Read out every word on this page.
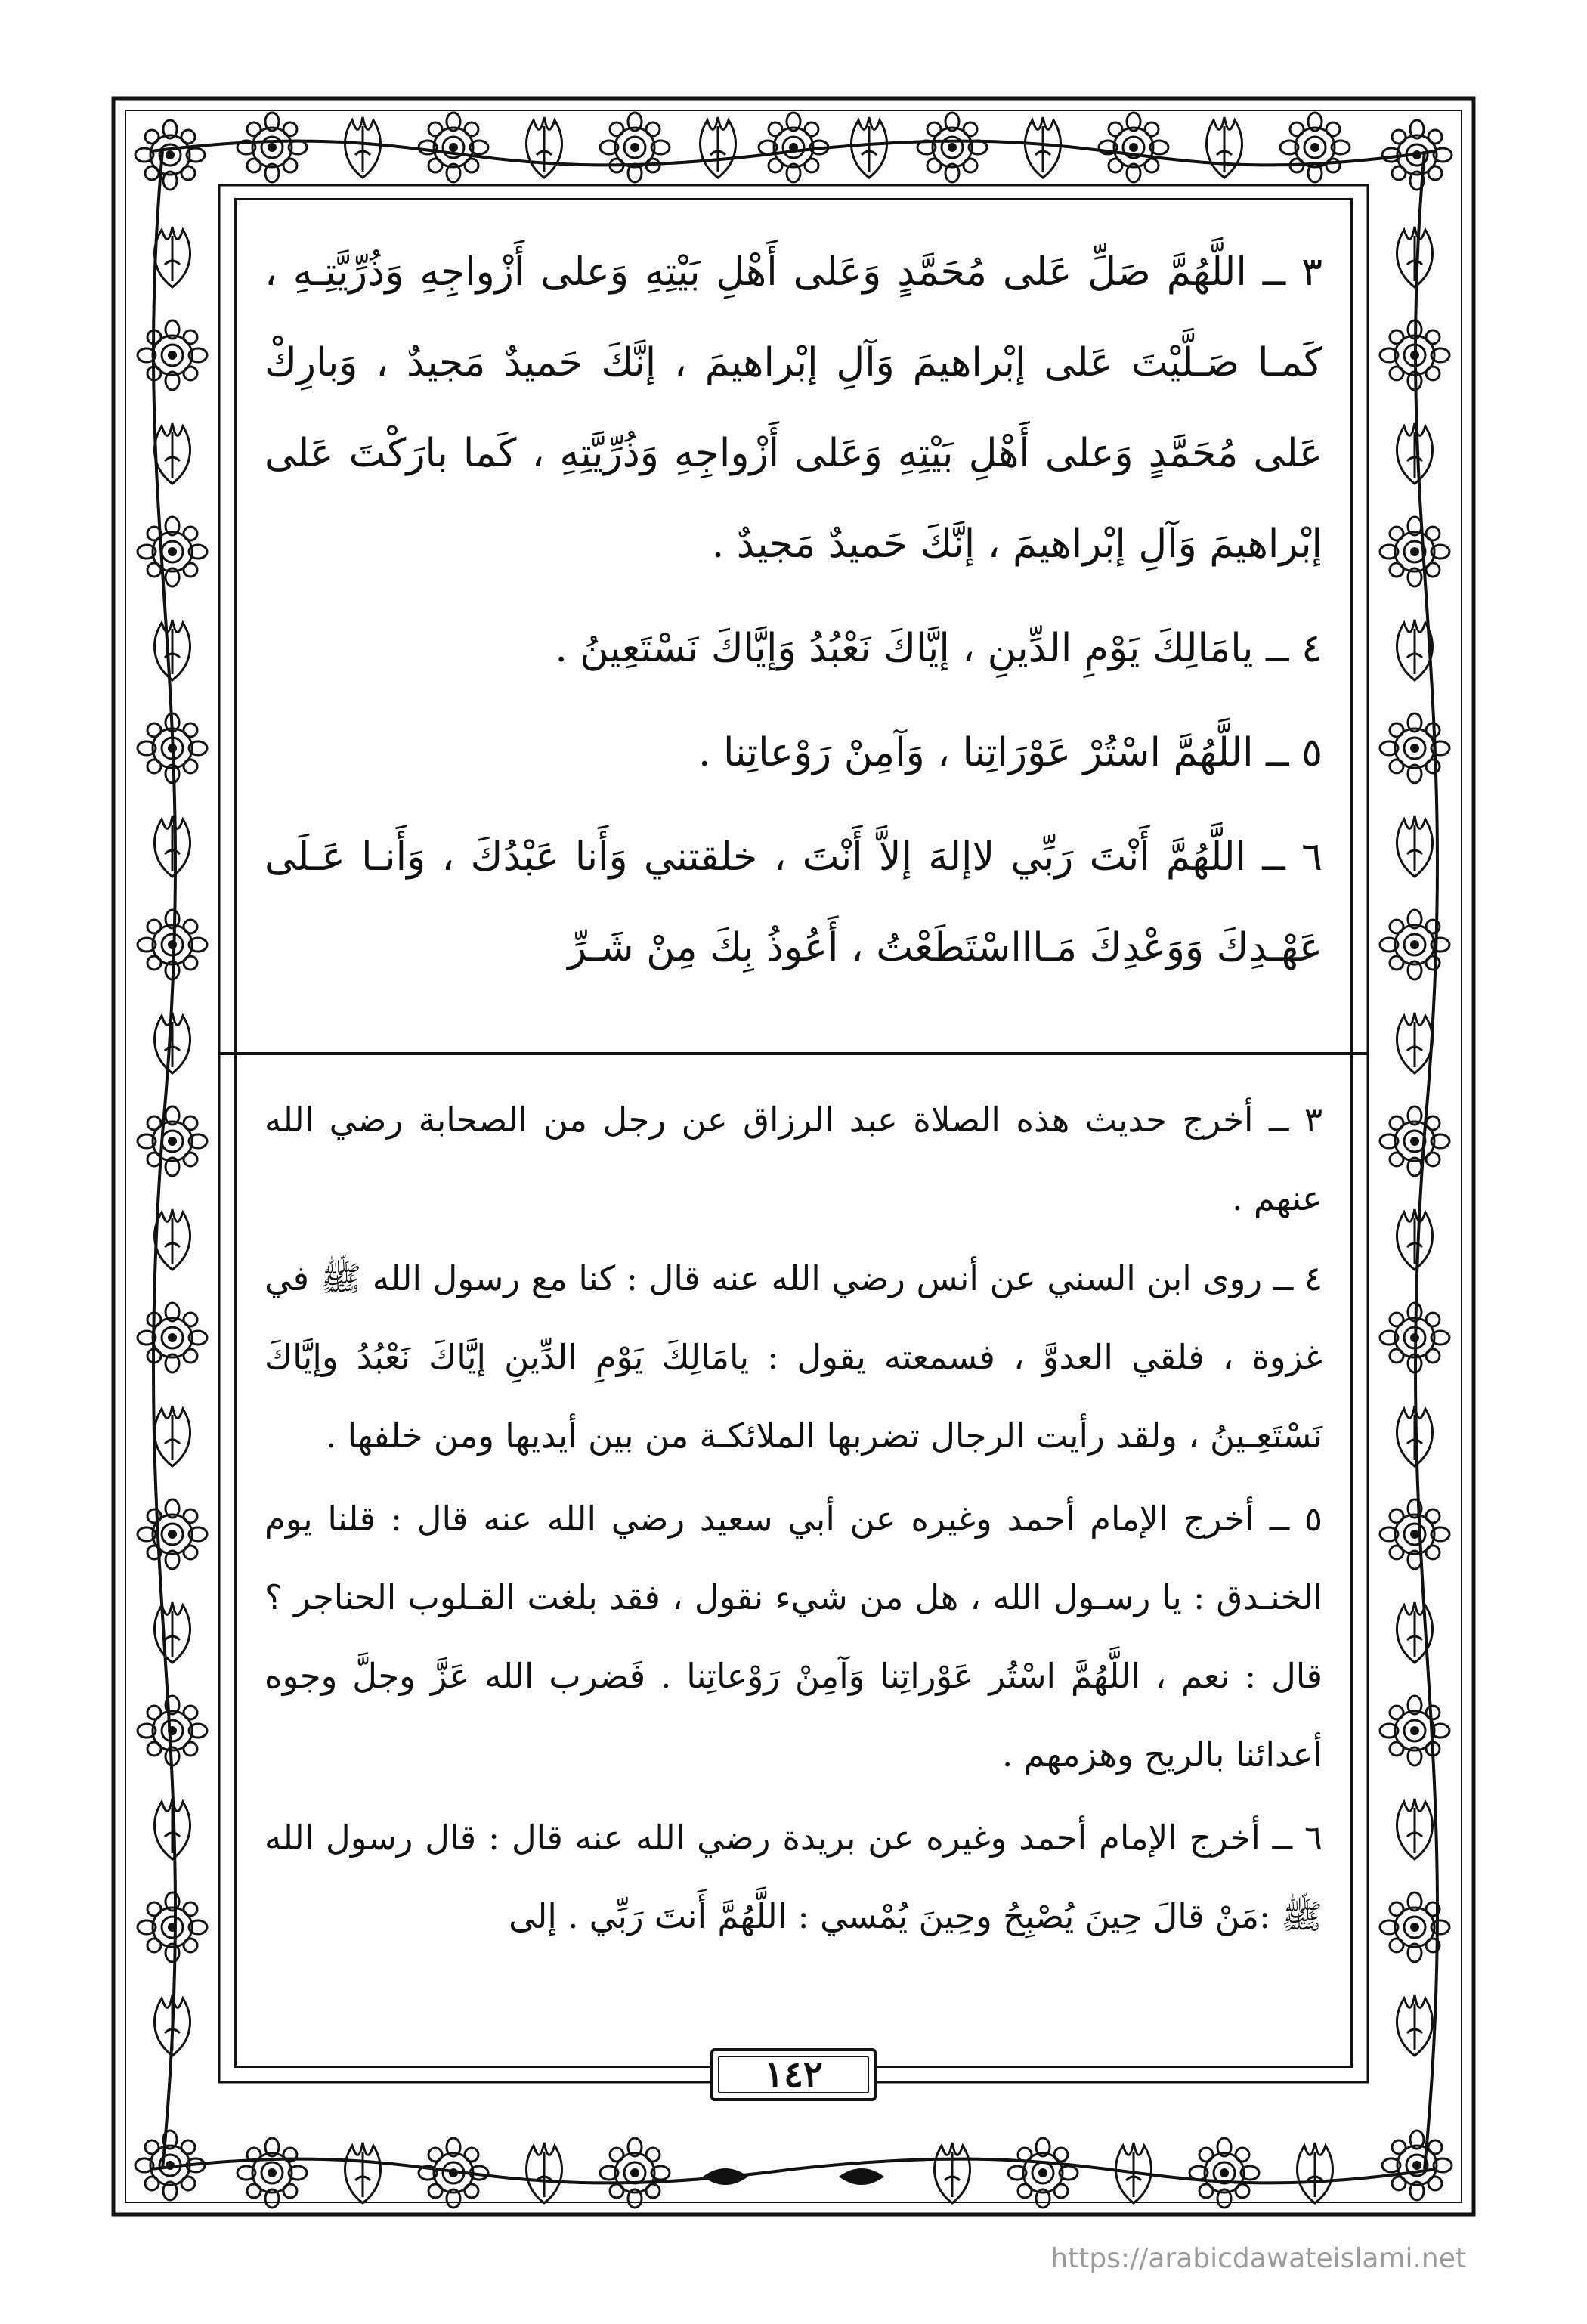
٣ ــ اللَّهُمَّ صَلِّ عَلى مُحَمَّدٍ وَعَلى أَهْلِ بَيْتِهِ وَعلى أَزْواجِهِ وَذُرِّيَّتِـهِ ، كَمـا صَـلَّيْتَ عَلى إبْراهيمَ وَآلِ إبْراهيمَ ، إنَّكَ حَميدٌ مَجيدٌ ، وَبارِكْ عَلى مُحَمَّدٍ وَعلى أَهْلِ بَيْتِهِ وَعَلى أَزْواجِهِ وَذُرِّيَّتِهِ ، كَما بارَكْتَ عَلى إبْراهيمَ وَآلِ إبْراهيمَ ، إنَّكَ حَميدٌ مَجيدٌ .

٤ ــ يامَالِكَ يَوْمِ الدِّينِ ، إيَّاكَ نَعْبُدُ وَإيَّاكَ نَسْتَعِينُ .

٥ ــ اللَّهُمَّ اسْتُرْ عَوْرَاتِنا ، وَآمِنْ رَوْعاتِنا .

٦ ــ اللَّهُمَّ أَنْتَ رَبِّي لاإلهَ إلاَّ أَنْتَ ، خلقتني وَأَنا عَبْدُكَ ، وَأَنـا عَـلَى عَهْـدِكَ وَوَعْدِكَ مَـاااسْتَطَعْتُ ، أَعُوذُ بِكَ مِنْ شَـرِّ

٣ ــ أخرج حديث هذه الصلاة عبد الرزاق عن رجل من الصحابة رضي الله عنهم .

٤ ــ روى ابن السني عن أنس رضي الله عنه قال : كنا مع رسول الله ﷺ في غزوة ، فلقي العدوَّ ، فسمعته يقول : يامَالِكَ يَوْمِ الدِّينِ إيَّاكَ نَعْبُدُ وإيَّاكَ نَسْتَعِـينُ ، ولقد رأيت الرجال تضربها الملائكـة من بين أيديها ومن خلفها .

٥ ــ أخرج الإمام أحمد وغيره عن أبي سعيد رضي الله عنه قال : قلنا يوم الخنـدق : يا رسـول الله ، هل من شيء نقول ، فقد بلغت القـلوب الحناجر ؟ قال : نعم ، اللَّهُمَّ اسْتُر عَوْراتِنا وَآمِنْ رَوْعاتِنا . فَضرب الله عَزَّ وجلَّ وجوه أعدائنا بالريح وهزمهم .

٦ ــ أخرج الإمام أحمد وغيره عن بريدة رضي الله عنه قال : قال رسول الله ﷺ :مَنْ قالَ حِينَ يُصْبِحُ وحِينَ يُمْسي : اللَّهُمَّ أَنتَ رَبِّي . إلى

١٤٢
https://arabicdawateislami.net
